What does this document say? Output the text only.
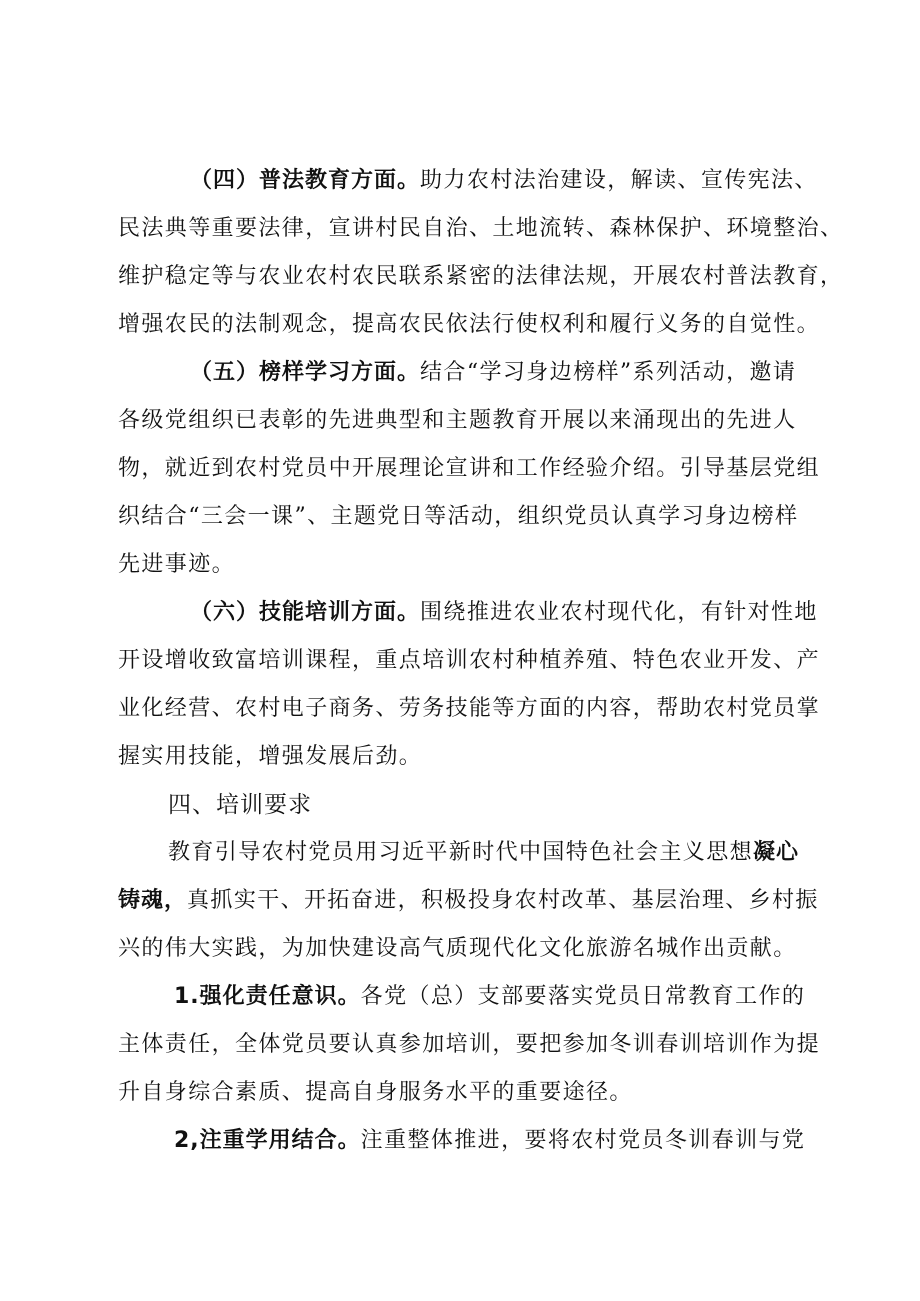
（四）普法教育方面。助力农村法治建设，解读、宣传宪法、
民法典等重要法律，宣讲村民自治、土地流转、森林保护、环境整治、
维护稳定等与农业农村农民联系紧密的法律法规，开展农村普法教育，
增强农民的法制观念，提高农民依法行使权利和履行义务的自觉性。
（五）榜样学习方面。结合“学习身边榜样”系列活动，邀请
各级党组织已表彰的先进典型和主题教育开展以来涌现出的先进人
物，就近到农村党员中开展理论宣讲和工作经验介绍。引导基层党组
织结合“三会一课”、主题党日等活动，组织党员认真学习身边榜样
先进事迹。
（六）技能培训方面。围绕推进农业农村现代化，有针对性地
开设增收致富培训课程，重点培训农村种植养殖、特色农业开发、产
业化经营、农村电子商务、劳务技能等方面的内容，帮助农村党员掌
握实用技能，增强发展后劲。
四、培训要求
教育引导农村党员用习近平新时代中国特色社会主义思想凝心
铸魂，真抓实干、开拓奋进，积极投身农村改革、基层治理、乡村振
兴的伟大实践，为加快建设高气质现代化文化旅游名城作出贡献。
1.强化责任意识。各党（总）支部要落实党员日常教育工作的
主体责任，全体党员要认真参加培训，要把参加冬训春训培训作为提
升自身综合素质、提高自身服务水平的重要途径。
2,注重学用结合。注重整体推进，要将农村党员冬训春训与党
